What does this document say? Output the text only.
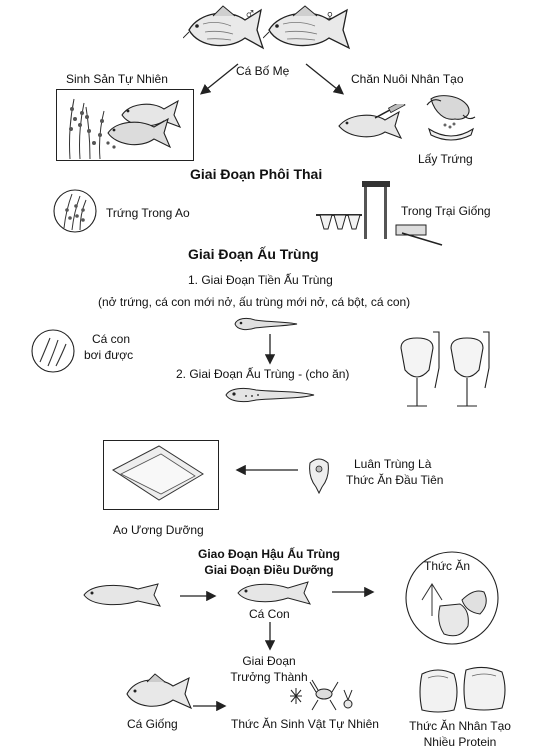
♂	♀
Cá Bố Mẹ
Sinh Sản Tự Nhiên	Chăn Nuôi Nhân Tạo
Lấy Trứng
Giai Đoạn Phôi Thai
Trứng Trong Ao	Trong Trại Giống
Giai Đoạn Ấu Trùng
1. Giai Đoạn Tiền Ấu Trùng
(nở trứng, cá con mới nở, ấu trùng mới nở, cá bột, cá con)
Cá con
bơi được
2. Giai Đoạn Ấu Trùng - (cho ăn)
Ao Ương Dưỡng
Luân Trùng Là
Thức Ăn Đầu Tiên
Giao Đoạn Hậu Ấu Trùng
Giai Đoạn Điều Dưỡng
Cá Con
Thức Ăn
Giai Đoạn
Trưởng Thành
Cá Giống	Thức Ăn Sinh Vật Tự Nhiên	Thức Ăn Nhân Tạo
Nhiều Protein
